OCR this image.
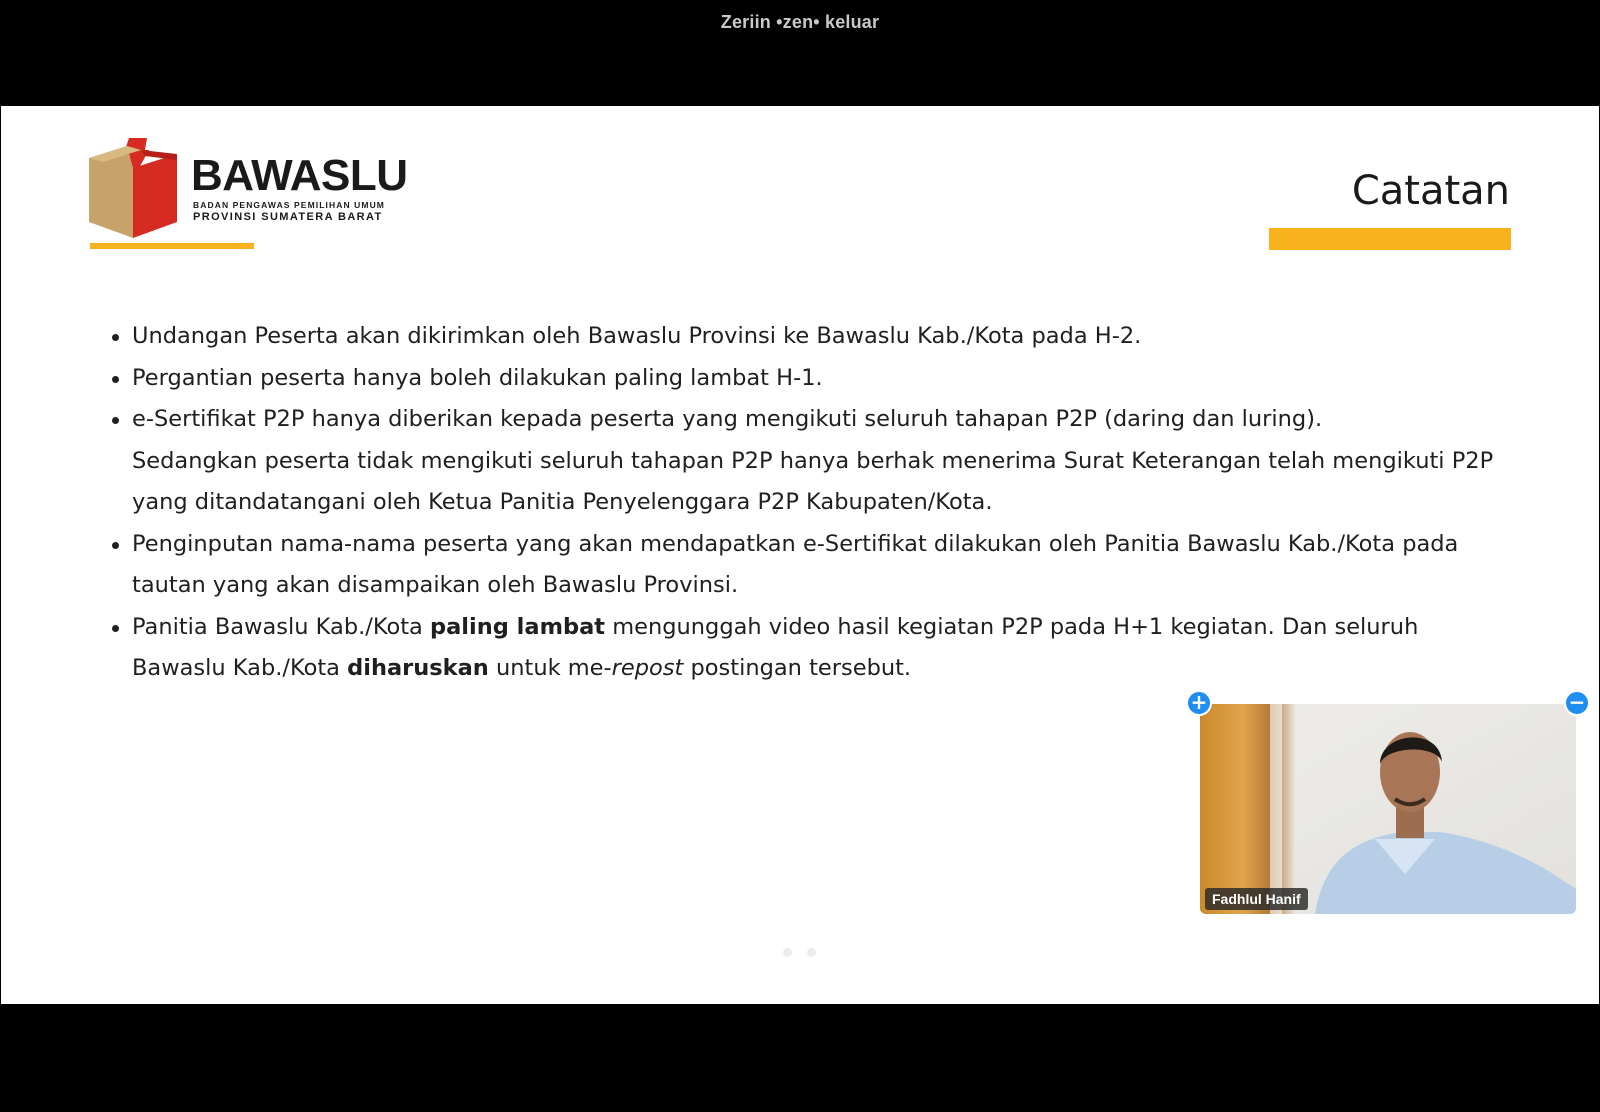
Zeriin •zen• keluar
BAWASLU
BADAN PENGAWAS PEMILIHAN UMUM
PROVINSI SUMATERA BARAT
Catatan
Undangan Peserta akan dikirimkan oleh Bawaslu Provinsi ke Bawaslu Kab./Kota pada H-2.
Pergantian peserta hanya boleh dilakukan paling lambat H-1.
e-Sertifikat P2P hanya diberikan kepada peserta yang mengikuti seluruh tahapan P2P (daring dan luring).
Sedangkan peserta tidak mengikuti seluruh tahapan P2P hanya berhak menerima Surat Keterangan telah mengikuti P2P yang ditandatangani oleh Ketua Panitia Penyelenggara P2P Kabupaten/Kota.
Penginputan nama-nama peserta yang akan mendapatkan e-Sertifikat dilakukan oleh Panitia Bawaslu Kab./Kota pada tautan yang akan disampaikan oleh Bawaslu Provinsi.
Panitia Bawaslu Kab./Kota paling lambat mengunggah video hasil kegiatan P2P pada H+1 kegiatan. Dan seluruh Bawaslu Kab./Kota diharuskan untuk me-repost postingan tersebut.
Fadhlul Hanif
+	−
